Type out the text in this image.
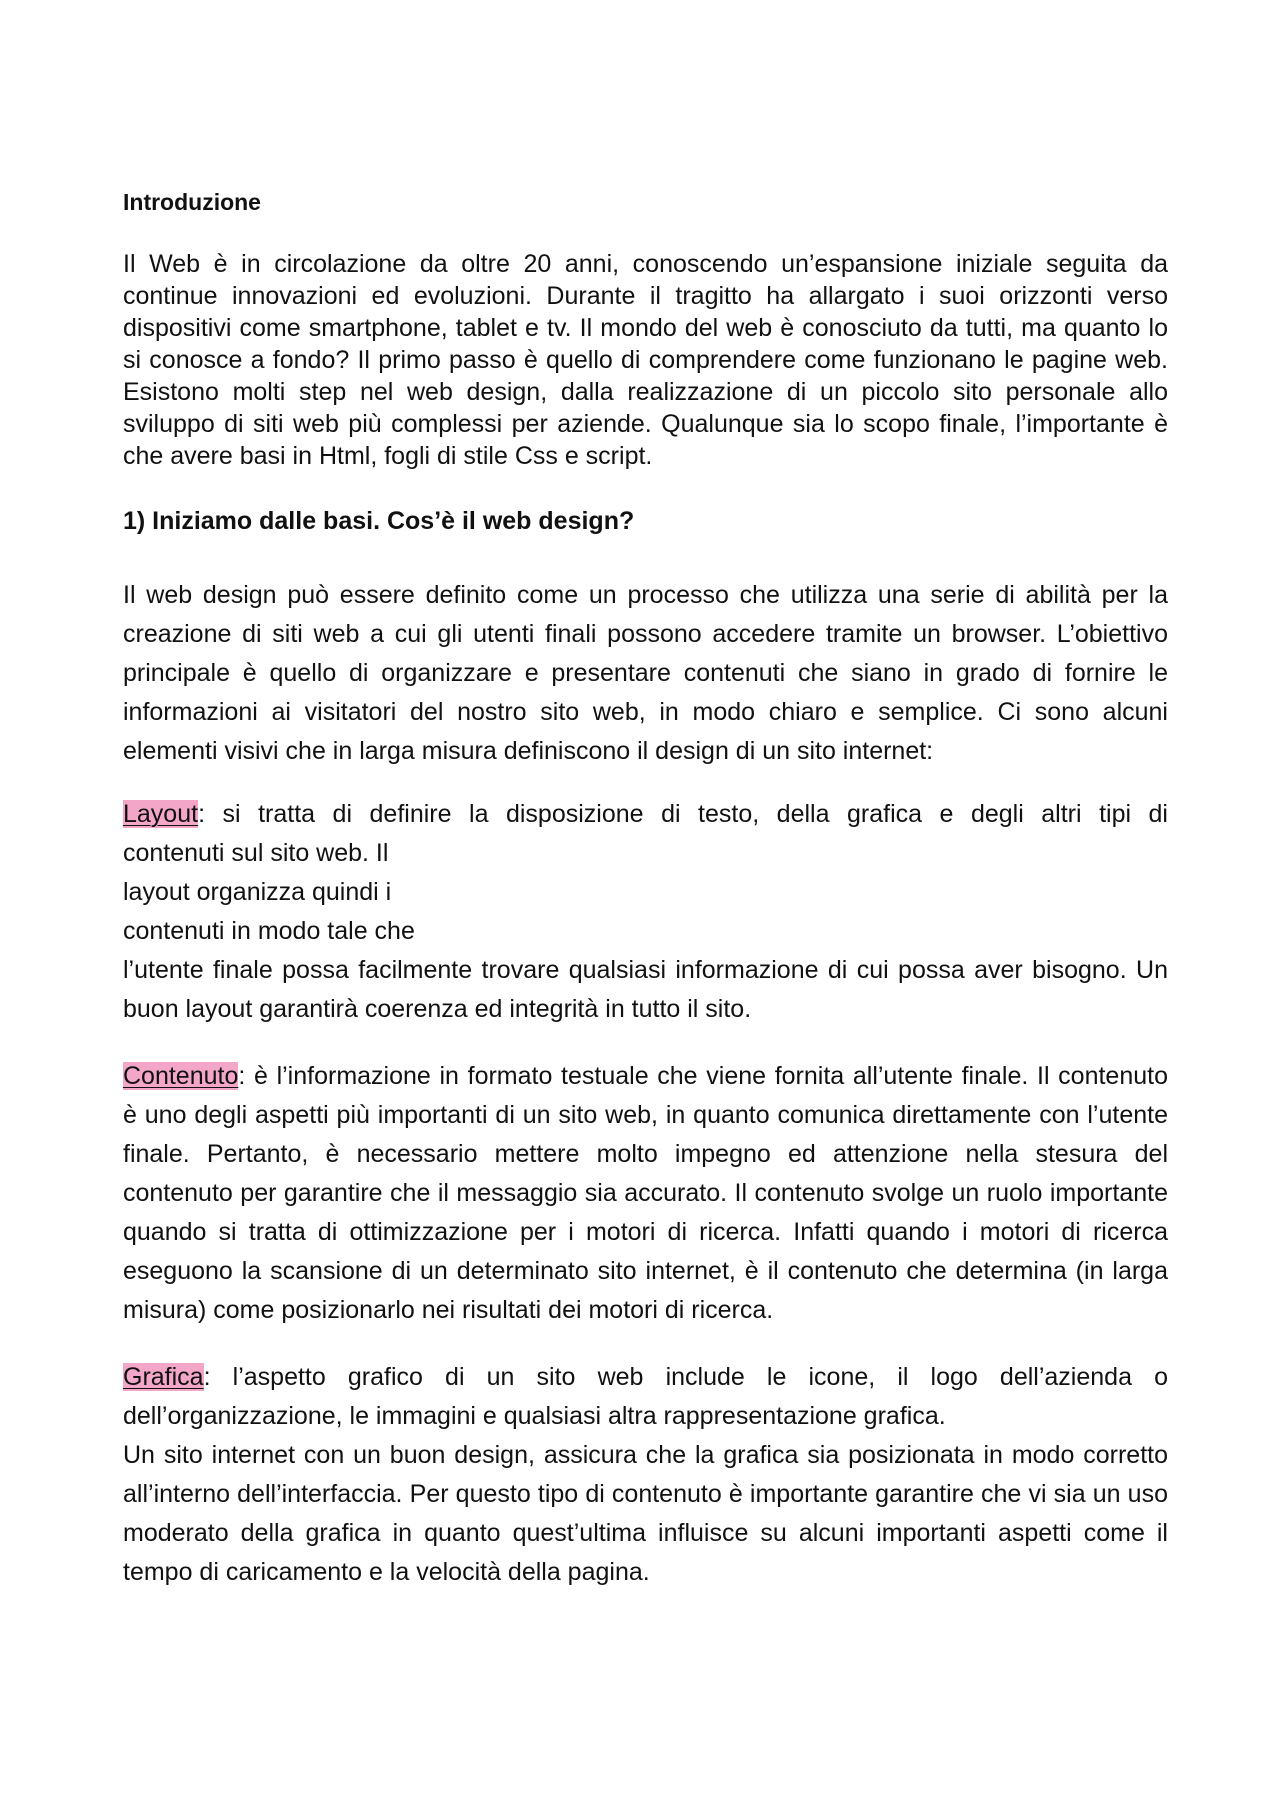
Introduzione

Il Web è in circolazione da oltre 20 anni, conoscendo un’espansione iniziale seguita da continue innovazioni ed evoluzioni. Durante il tragitto ha allargato i suoi orizzonti verso dispositivi come smartphone, tablet e tv. Il mondo del web è conosciuto da tutti, ma quanto lo si conosce a fondo? Il primo passo è quello di comprendere come funzionano le pagine web. Esistono molti step nel web design, dalla realizzazione di un piccolo sito personale allo sviluppo di siti web più complessi per aziende. Qualunque sia lo scopo finale, l’importante è che avere basi in Html, fogli di stile Css e script.

1) Iniziamo dalle basi. Cos’è il web design?

Il web design può essere definito come un processo che utilizza una serie di abilità per la creazione di siti web a cui gli utenti finali possono accedere tramite un browser. L’obiettivo principale è quello di organizzare e presentare contenuti che siano in grado di fornire le informazioni ai visitatori del nostro sito web, in modo chiaro e semplice. Ci sono alcuni elementi visivi che in larga misura definiscono il design di un sito internet:

Layout: si tratta di definire la disposizione di testo, della grafica e degli altri tipi di
contenuti sul sito web. Il
layout organizza quindi i
contenuti in modo tale che

l’utente finale possa facilmente trovare qualsiasi informazione di cui possa aver bisogno. Un buon layout garantirà coerenza ed integrità in tutto il sito.

Contenuto: è l’informazione in formato testuale che viene fornita all’utente finale. Il contenuto è uno degli aspetti più importanti di un sito web, in quanto comunica direttamente con l’utente finale. Pertanto, è necessario mettere molto impegno ed attenzione nella stesura del contenuto per garantire che il messaggio sia accurato. Il contenuto svolge un ruolo importante quando si tratta di ottimizzazione per i motori di ricerca. Infatti quando i motori di ricerca eseguono la scansione di un determinato sito internet, è il contenuto che determina (in larga misura) come posizionarlo nei risultati dei motori di ricerca.

Grafica: l’aspetto grafico di un sito web include le icone, il logo dell’azienda o dell’organizzazione, le immagini e qualsiasi altra rappresentazione grafica.

Un sito internet con un buon design, assicura che la grafica sia posizionata in modo corretto all’interno dell’interfaccia. Per questo tipo di contenuto è importante garantire che vi sia un uso moderato della grafica in quanto quest’ultima influisce su alcuni importanti aspetti come il tempo di caricamento e la velocità della pagina.
